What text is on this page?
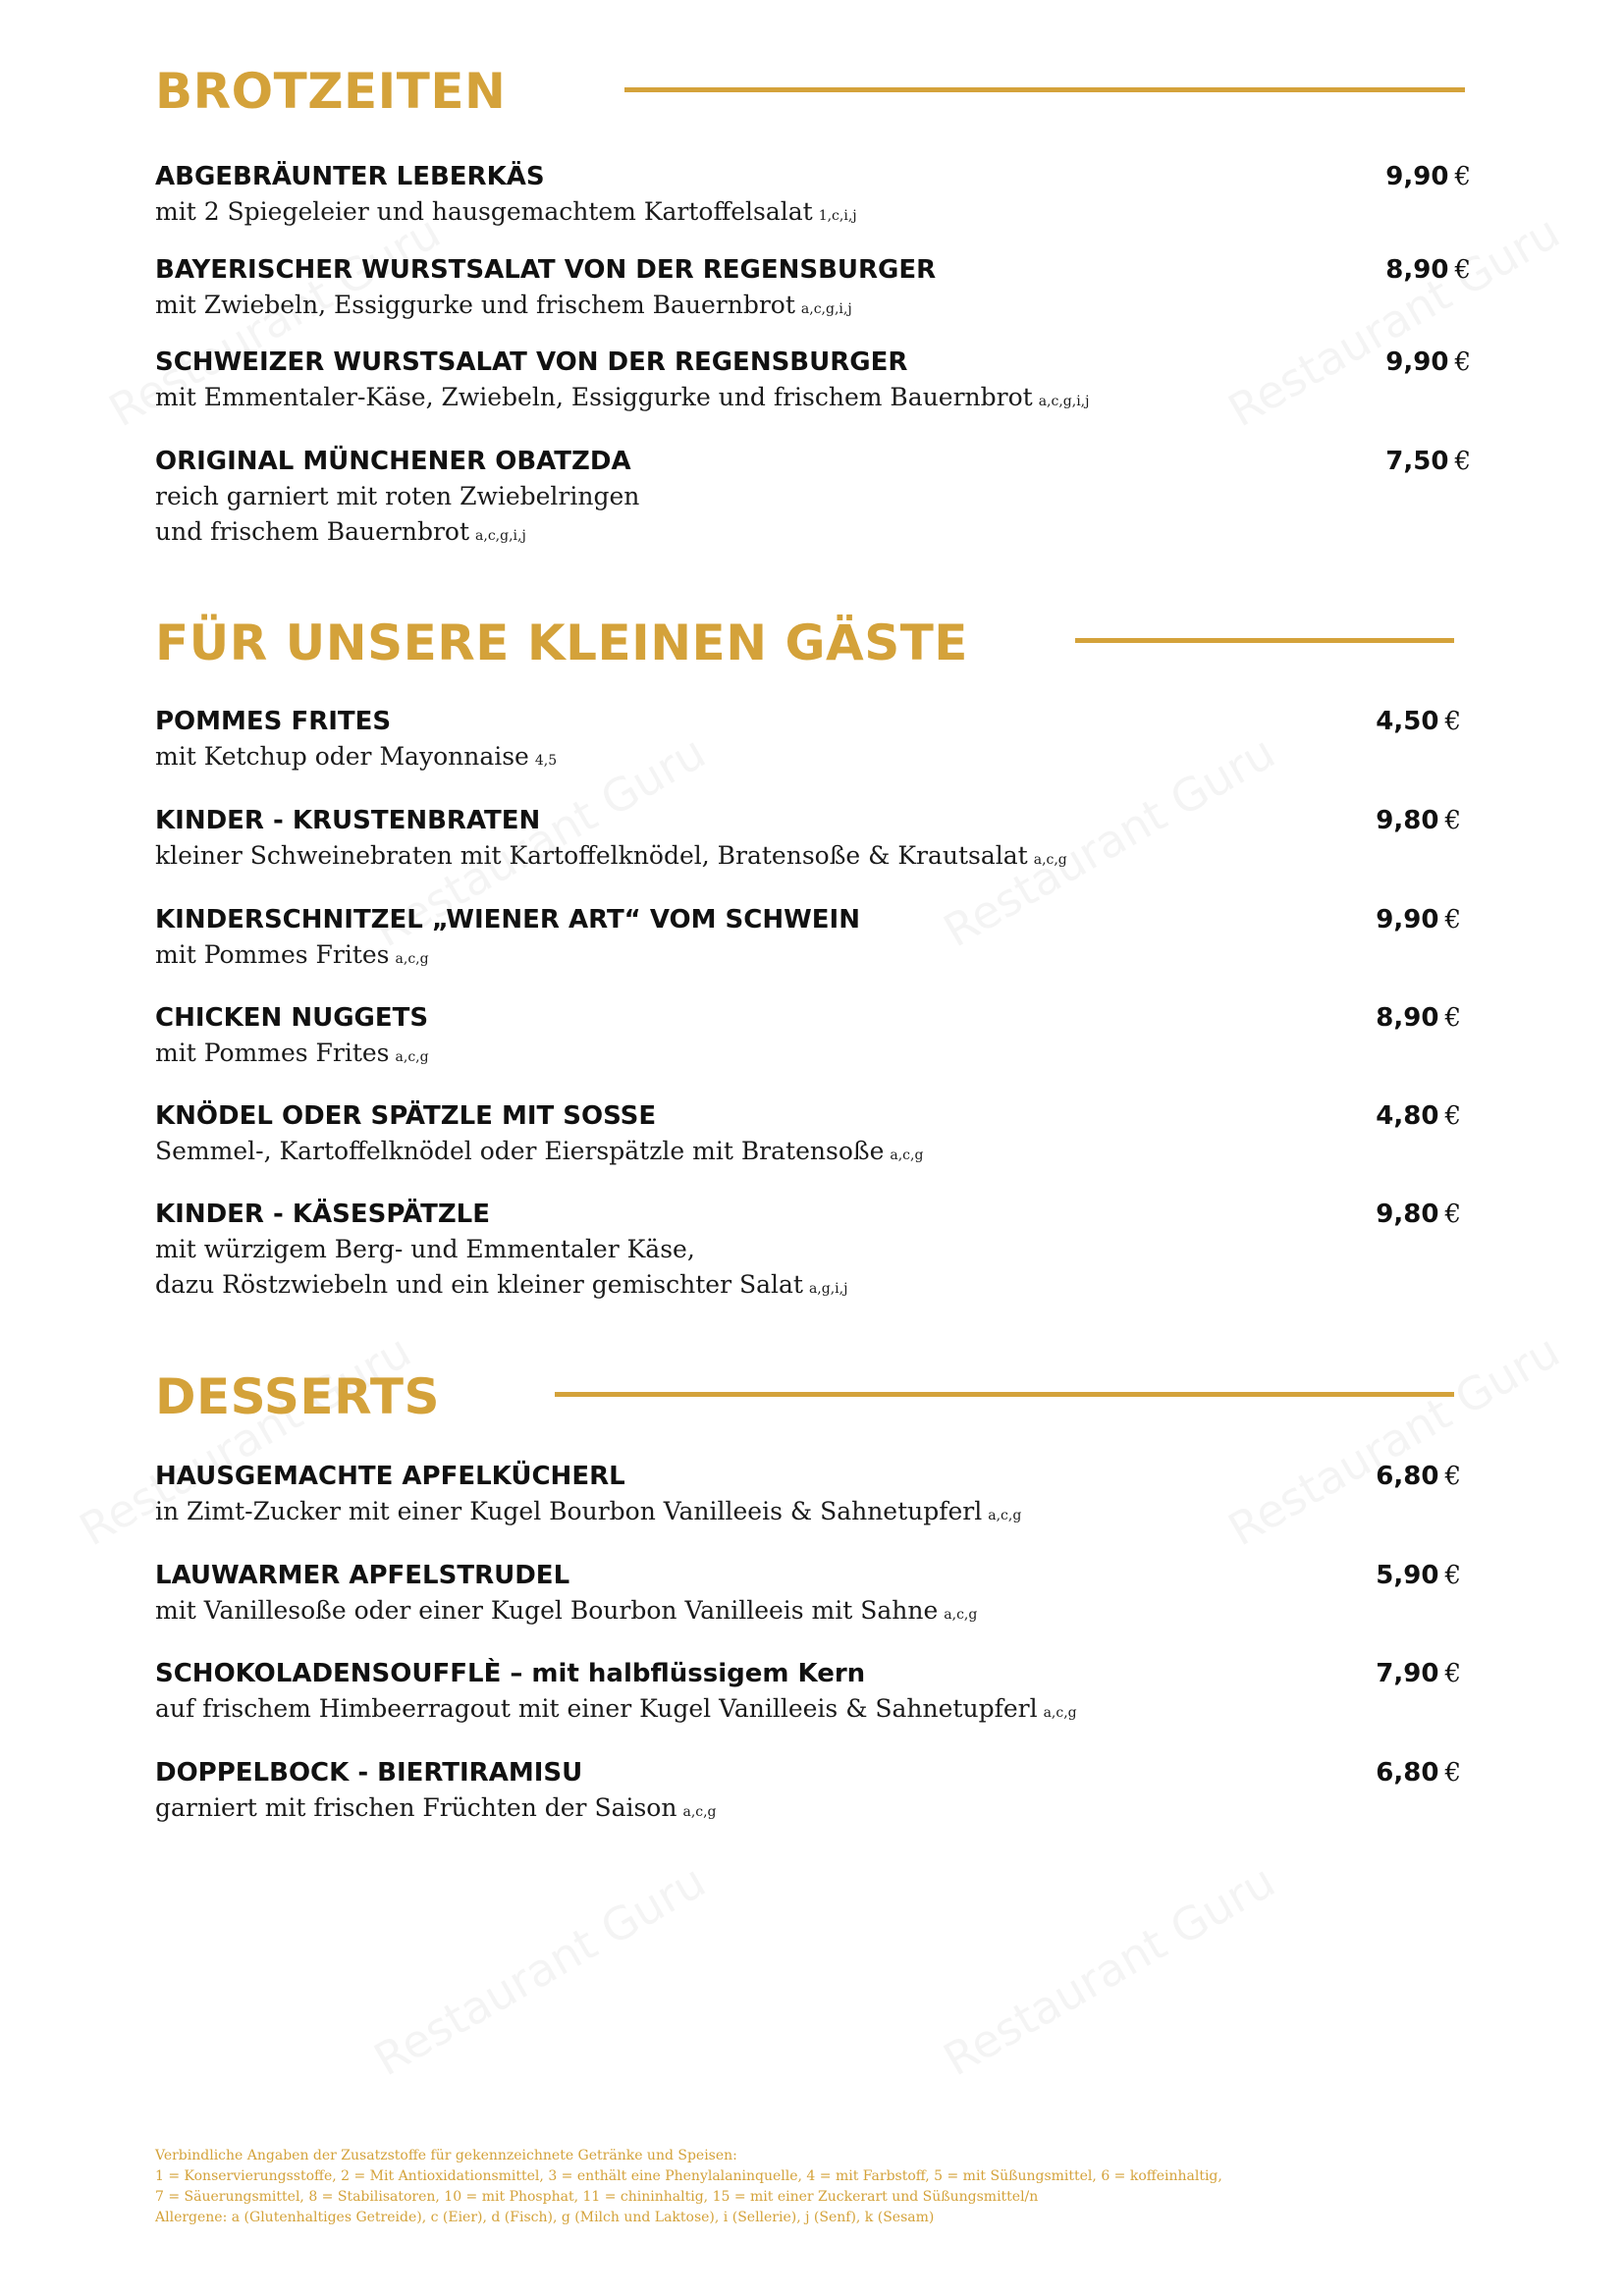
BROTZEITEN
ABGEBRÄUNTER LEBERKÄS
mit 2 Spiegeleier und hausgemachtem Kartoffelsalat 1,c,i,j
9,90 €
BAYERISCHER WURSTSALAT VON DER REGENSBURGER
mit Zwiebeln, Essiggurke und frischem Bauernbrot a,c,g,i,j
8,90 €
SCHWEIZER WURSTSALAT VON DER REGENSBURGER
mit Emmentaler-Käse, Zwiebeln, Essiggurke und frischem Bauernbrot a,c,g,i,j
9,90 €
ORIGINAL MÜNCHENER OBATZDA
reich garniert mit roten Zwiebelringen
und frischem Bauernbrot a,c,g,i,j
7,50 €
FÜR UNSERE KLEINEN GÄSTE
POMMES FRITES
mit Ketchup oder Mayonnaise 4,5
4,50 €
KINDER - KRUSTENBRATEN
kleiner Schweinebraten mit Kartoffelknödel, Bratensoße & Krautsalat a,c,g
9,80 €
KINDERSCHNITZEL „WIENER ART“ VOM SCHWEIN
mit Pommes Frites a,c,g
9,90 €
CHICKEN NUGGETS
mit Pommes Frites a,c,g
8,90 €
KNÖDEL ODER SPÄTZLE MIT SOSSE
Semmel-, Kartoffelknödel oder Eierspätzle mit Bratensoße a,c,g
4,80 €
KINDER - KÄSESPÄTZLE
mit würzigem Berg- und Emmentaler Käse,
dazu Röstzwiebeln und ein kleiner gemischter Salat a,g,i,j
9,80 €
DESSERTS
HAUSGEMACHTE APFELKÜCHERL
in Zimt-Zucker mit einer Kugel Bourbon Vanilleeis & Sahnetupferl a,c,g
6,80 €
LAUWARMER APFELSTRUDEL
mit Vanillesoße oder einer Kugel Bourbon Vanilleeis mit Sahne a,c,g
5,90 €
SCHOKOLADENSOUFFLÈ – mit halbflüssigem Kern
auf frischem Himbeerragout mit einer Kugel Vanilleeis & Sahnetupferl a,c,g
7,90 €
DOPPELBOCK - BIERTIRAMISU
garniert mit frischen Früchten der Saison a,c,g
6,80 €
Verbindliche Angaben der Zusatzstoffe für gekennzeichnete Getränke und Speisen:
1 = Konservierungsstoffe, 2 = Mit Antioxidationsmittel, 3 = enthält eine Phenylalaninquelle, 4 = mit Farbstoff, 5 = mit Süßungsmittel, 6 = koffeinhaltig,
7 = Säuerungsmittel, 8 = Stabilisatoren, 10 = mit Phosphat, 11 = chininhaltig, 15 = mit einer Zuckerart und Süßungsmittel/n
Allergene: a (Glutenhaltiges Getreide), c (Eier), d (Fisch), g (Milch und Laktose), i (Sellerie), j (Senf), k (Sesam)
